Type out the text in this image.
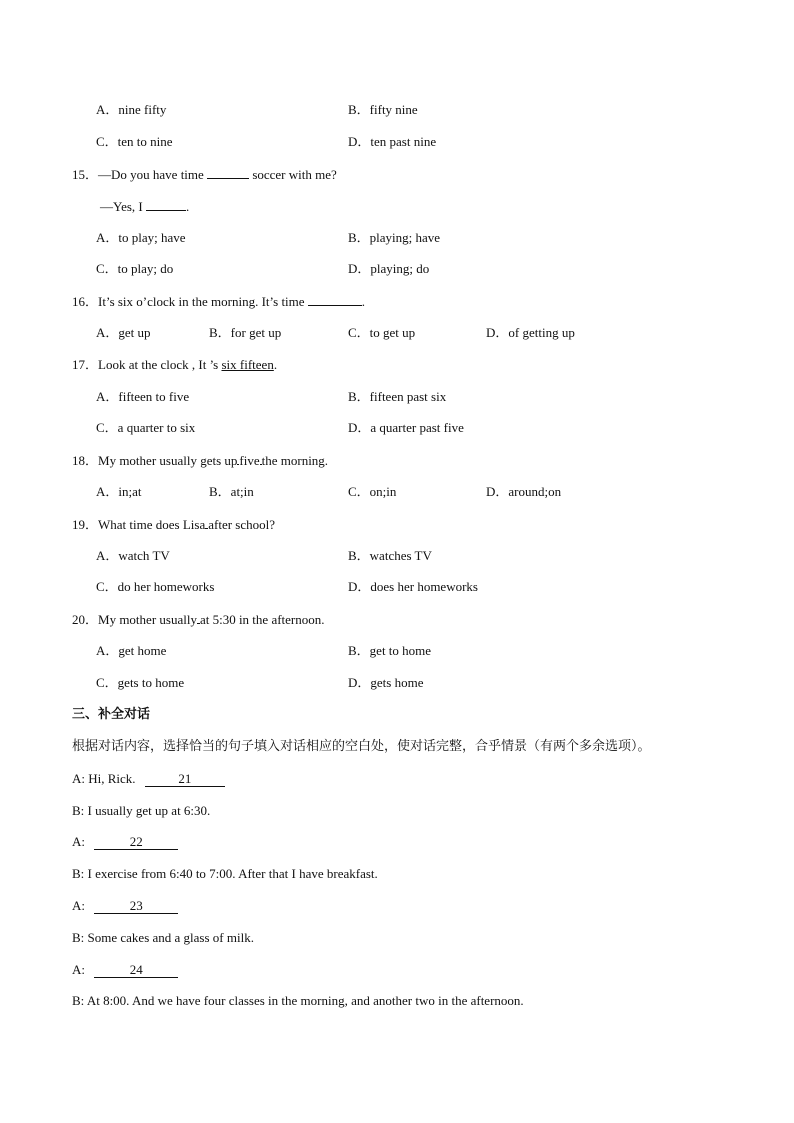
A．nine fifty	B．fifty nine
C．ten to nine	D．ten past nine
15．—Do you have time	soccer with me?
—Yes, I	.
A．to play; have	B．playing; have
C．to play; do	D．playing; do
16．It’s six o’clock in the morning. It’s time	.
A．get up	B．for get up	C．to get up	D．of getting up
17．Look at the clock , It ’s six fifteen.
A．fifteen to five	B．fifteen past six
C．a quarter to six	D．a quarter past five
18．My mother usually gets up five the morning.
A．in;at	B．at;in	C．on;in	D．around;on
19．What time does Lisa after school?
A．watch TV	B．watches TV
C．do her homeworks	D．does her homeworks
20．My mother usually at 5:30 in the afternoon.
A．get home	B．get to home
C．gets to home	D．gets home
三、补全对话
根据对话内容，选择恰当的句子填入对话相应的空白处，使对话完整，合乎情景（有两个多余选项）。
A: Hi, Rick.	21
B: I usually get up at 6:30.
A:	22
B: I exercise from 6:40 to 7:00. After that I have breakfast.
A:	23
B: Some cakes and a glass of milk.
A:	24
B: At 8:00. And we have four classes in the morning, and another two in the afternoon.
